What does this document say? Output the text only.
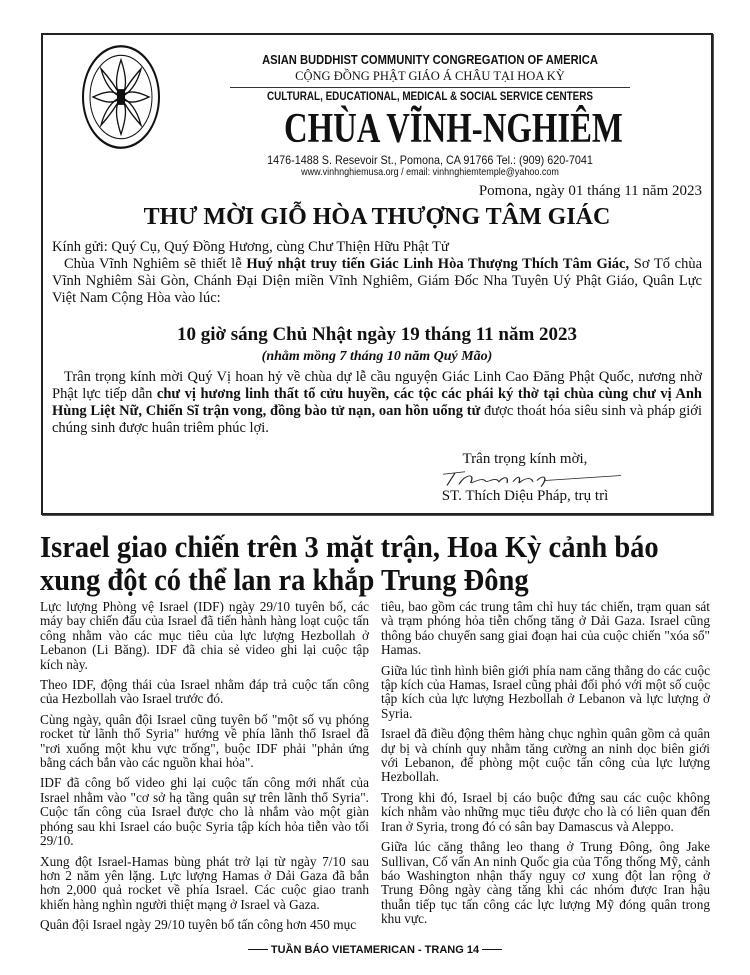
ASIAN BUDDHIST COMMUNITY CONGREGATION OF AMERICA
CỘNG ĐỒNG PHẬT GIÁO Á CHÂU TẠI HOA KỲ
CULTURAL, EDUCATIONAL, MEDICAL & SOCIAL SERVICE CENTERS
CHÙA VĨNH-NGHIÊM
1476-1488 S. Resevoir St., Pomona, CA 91766 Tel.: (909) 620-7041
www.vinhnghiemusa.org / email: vinhnghiemtemple@yahoo.com
Pomona, ngày 01 tháng 11 năm 2023
THƯ MỜI GIỖ HÒA THƯỢNG TÂM GIÁC
Kính gửi: Quý Cụ, Quý Đồng Hương, cùng Chư Thiện Hữu Phật Tử
Chùa Vĩnh Nghiêm sẽ thiết lễ Huý nhật truy tiến Giác Linh Hòa Thượng Thích Tâm Giác, Sơ Tổ chùa Vĩnh Nghiêm Sài Gòn, Chánh Đại Diện miền Vĩnh Nghiêm, Giám Đốc Nha Tuyên Uý Phật Giáo, Quân Lực Việt Nam Cộng Hòa vào lúc:
10 giờ sáng Chủ Nhật ngày 19 tháng 11 năm 2023
(nhằm mồng 7 tháng 10 năm Quý Mão)
Trân trọng kính mời Quý Vị hoan hỷ về chùa dự lễ cầu nguyện Giác Linh Cao Đăng Phật Quốc, nương nhờ Phật lực tiếp dẫn chư vị hương linh thất tổ cửu huyền, các tộc các phái ký thờ tại chùa cùng chư vị Anh Hùng Liệt Nữ, Chiến Sĩ trận vong, đồng bào tử nạn, oan hồn uổng tử được thoát hóa siêu sinh và pháp giới chúng sinh được huân triêm phúc lợi.
Trân trọng kính mời,
ST. Thích Diệu Pháp, trụ trì
Israel giao chiến trên 3 mặt trận, Hoa Kỳ cảnh báo
xung đột có thể lan ra khắp Trung Đông

Lực lượng Phòng vệ Israel (IDF) ngày 29/10 tuyên bố, các máy bay chiến đấu của Israel đã tiến hành hàng loạt cuộc tấn công nhằm vào các mục tiêu của lực lượng Hezbollah ở Lebanon (Li Băng). IDF đã chia sẻ video ghi lại cuộc tập kích này.

Theo IDF, động thái của Israel nhằm đáp trả cuộc tấn công của Hezbollah vào Israel trước đó.

Cùng ngày, quân đội Israel cũng tuyên bố "một số vụ phóng rocket từ lãnh thổ Syria" hướng về phía lãnh thổ Israel đã "rơi xuống một khu vực trống", buộc IDF phải "phản ứng bằng cách bắn vào các nguồn khai hỏa".

IDF đã công bố video ghi lại cuộc tấn công mới nhất của Israel nhằm vào "cơ sở hạ tầng quân sự trên lãnh thổ Syria". Cuộc tấn công của Israel được cho là nhắm vào một giàn phóng sau khi Israel cáo buộc Syria tập kích hỏa tiễn vào tối 29/10.

Xung đột Israel-Hamas bùng phát trở lại từ ngày 7/10 sau hơn 2 năm yên lặng. Lực lượng Hamas ở Dải Gaza đã bắn hơn 2,000 quả rocket về phía Israel. Các cuộc giao tranh khiến hàng nghìn người thiệt mạng ở Israel và Gaza.

Quân đội Israel ngày 29/10 tuyên bố tấn công hơn 450 mục

tiêu, bao gồm các trung tâm chỉ huy tác chiến, trạm quan sát và trạm phóng hỏa tiễn chống tăng ở Dải Gaza. Israel cũng thông báo chuyển sang giai đoạn hai của cuộc chiến "xóa sổ" Hamas.

Giữa lúc tình hình biên giới phía nam căng thẳng do các cuộc tập kích của Hamas, Israel cũng phải đối phó với một số cuộc tập kích của lực lượng Hezbollah ở Lebanon và lực lượng ở Syria.

Israel đã điều động thêm hàng chục nghìn quân gồm cả quân dự bị và chính quy nhằm tăng cường an ninh dọc biên giới với Lebanon, để phòng một cuộc tấn công của lực lượng Hezbollah.

Trong khi đó, Israel bị cáo buộc đứng sau các cuộc không kích nhằm vào những mục tiêu được cho là có liên quan đến Iran ở Syria, trong đó có sân bay Damascus và Aleppo.

Giữa lúc căng thẳng leo thang ở Trung Đông, ông Jake Sullivan, Cố vấn An ninh Quốc gia của Tổng thống Mỹ, cảnh báo Washington nhận thấy nguy cơ xung đột lan rộng ở Trung Đông ngày càng tăng khi các nhóm được Iran hậu thuẫn tiếp tục tấn công các lực lượng Mỹ đóng quân trong khu vực.

TUẦN BÁO VIETAMERICAN - TRANG 14
